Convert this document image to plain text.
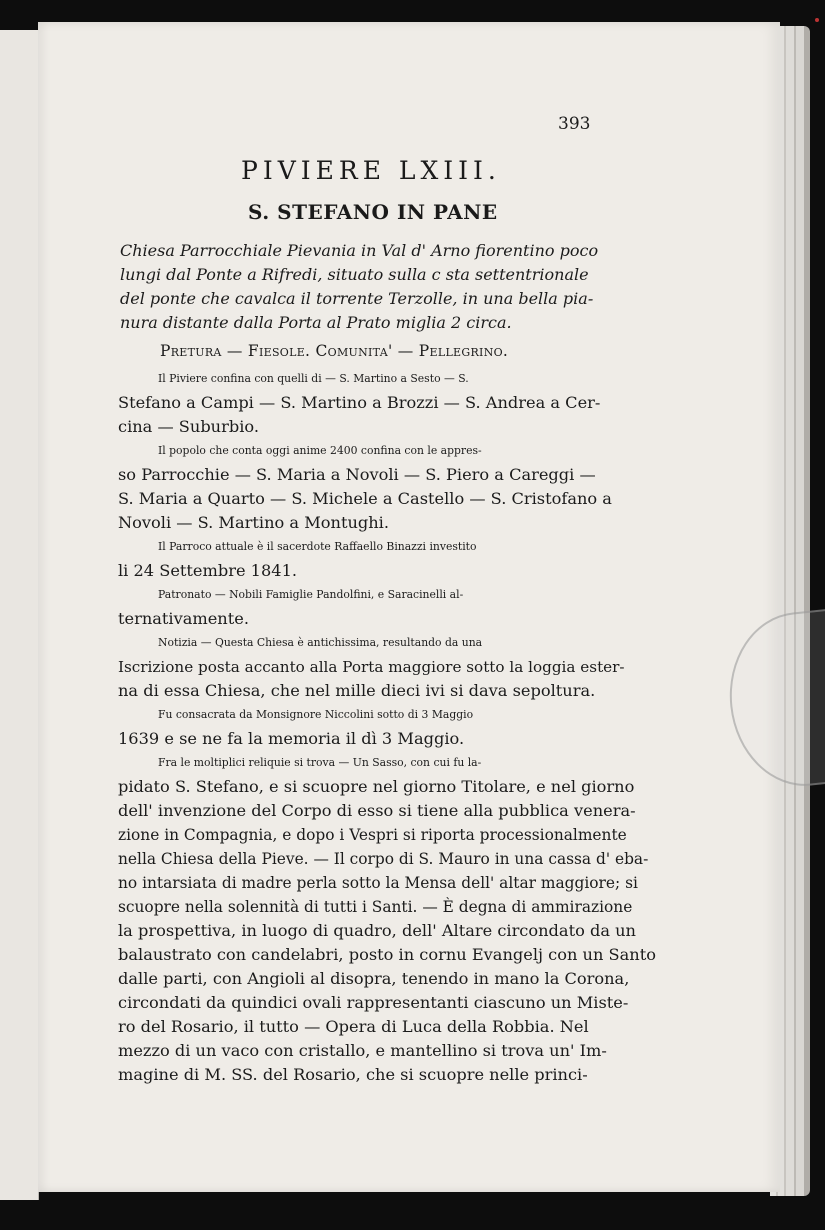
393
PIVIERE LXIII.
S. STEFANO IN PANE
Chiesa Parrocchiale Pievania in Val d' Arno fiorentino poco
lungi dal Ponte a Rifredi, situato sulla c sta settentrionale
del ponte che cavalca il torrente Terzolle, in una bella pia-
nura distante dalla Porta al Prato miglia 2 circa.
Pretura — Fiesole. Comunita' — Pellegrino.
Il Piviere confina con quelli di — S. Martino a Sesto — S.
Stefano a Campi — S. Martino a Brozzi — S. Andrea a Cer-
cina — Suburbio.
Il popolo che conta oggi anime 2400 confina con le appres-
so Parrocchie — S. Maria a Novoli — S. Piero a Careggi —
S. Maria a Quarto — S. Michele a Castello — S. Cristofano a
Novoli — S. Martino a Montughi.
Il Parroco attuale è il sacerdote Raffaello Binazzi investito
li 24 Settembre 1841.
Patronato — Nobili Famiglie Pandolfini, e Saracinelli al-
ternativamente.
Notizia — Questa Chiesa è antichissima, resultando da una
Iscrizione posta accanto alla Porta maggiore sotto la loggia ester-
na di essa Chiesa, che nel mille dieci ivi si dava sepoltura.
Fu consacrata da Monsignore Niccolini sotto di 3 Maggio
1639 e se ne fa la memoria il dì 3 Maggio.
Fra le moltiplici reliquie si trova — Un Sasso, con cui fu la-
pidato S. Stefano, e si scuopre nel giorno Titolare, e nel giorno
dell' invenzione del Corpo di esso si tiene alla pubblica venera-
zione in Compagnia, e dopo i Vespri si riporta processionalmente
nella Chiesa della Pieve. — Il corpo di S. Mauro in una cassa d' eba-
no intarsiata di madre perla sotto la Mensa dell' altar maggiore; si
scuopre nella solennità di tutti i Santi. — È degna di ammirazione
la prospettiva, in luogo di quadro, dell' Altare circondato da un
balaustrato con candelabri, posto in cornu Evangelj con un Santo
dalle parti, con Angioli al disopra, tenendo in mano la Corona,
circondati da quindici ovali rappresentanti ciascuno un Miste-
ro del Rosario, il tutto — Opera di Luca della Robbia. Nel
mezzo di un vaco con cristallo, e mantellino si trova un' Im-
magine di M. SS. del Rosario, che si scuopre nelle princi-
